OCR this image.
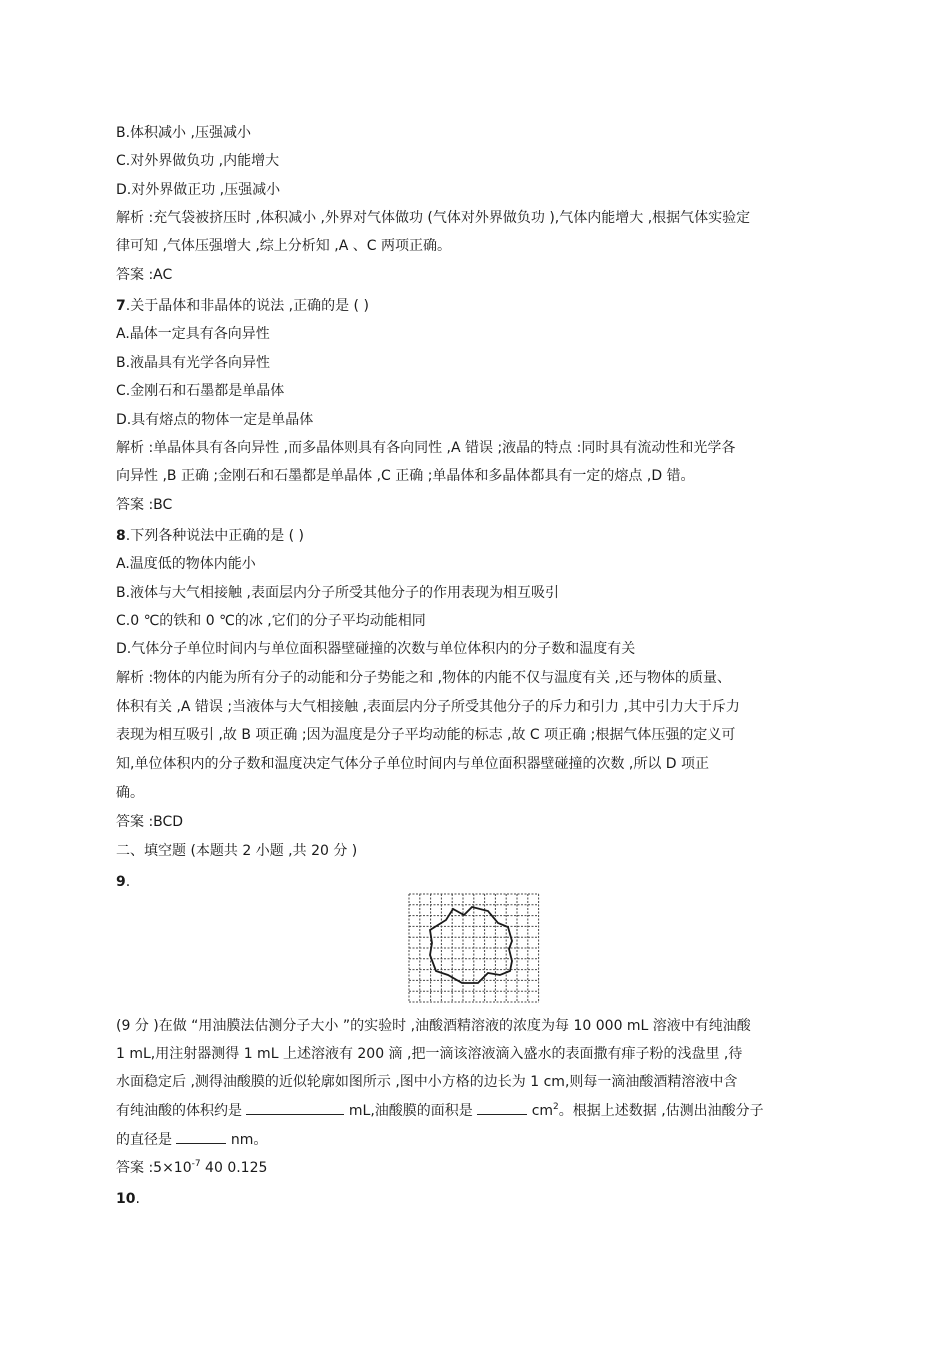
B.体积减小 ,压强减小
C.对外界做负功 ,内能增大
D.对外界做正功 ,压强减小
解析 :充气袋被挤压时 ,体积减小 ,外界对气体做功 (气体对外界做负功 ),气体内能增大 ,根据气体实验定
律可知 ,气体压强增大 ,综上分析知 ,A 、C 两项正确。
答案 :AC
7.关于晶体和非晶体的说法 ,正确的是 ( )
A.晶体一定具有各向异性
B.液晶具有光学各向异性
C.金刚石和石墨都是单晶体
D.具有熔点的物体一定是单晶体
解析 :单晶体具有各向异性 ,而多晶体则具有各向同性 ,A 错误 ;液晶的特点 :同时具有流动性和光学各
向异性 ,B 正确 ;金刚石和石墨都是单晶体 ,C 正确 ;单晶体和多晶体都具有一定的熔点 ,D 错。
答案 :BC
8.下列各种说法中正确的是 ( )
A.温度低的物体内能小
B.液体与大气相接触 ,表面层内分子所受其他分子的作用表现为相互吸引
C.0 ℃的铁和 0 ℃的冰 ,它们的分子平均动能相同
D.气体分子单位时间内与单位面积器壁碰撞的次数与单位体积内的分子数和温度有关
解析 :物体的内能为所有分子的动能和分子势能之和 ,物体的内能不仅与温度有关 ,还与物体的质量、
体积有关 ,A 错误 ;当液体与大气相接触 ,表面层内分子所受其他分子的斥力和引力 ,其中引力大于斥力
表现为相互吸引 ,故 B 项正确 ;因为温度是分子平均动能的标志 ,故 C 项正确 ;根据气体压强的定义可
知,单位体积内的分子数和温度决定气体分子单位时间内与单位面积器壁碰撞的次数 ,所以 D 项正
确。
答案 :BCD
二、填空题 (本题共 2 小题 ,共 20 分 )
9.
(9 分 )在做 “用油膜法估测分子大小 ”的实验时 ,油酸酒精溶液的浓度为每 10 000 mL 溶液中有纯油酸
1 mL,用注射器测得 1 mL 上述溶液有 200 滴 ,把一滴该溶液滴入盛水的表面撒有痱子粉的浅盘里 ,待
水面稳定后 ,测得油酸膜的近似轮廓如图所示 ,图中小方格的边长为 1 cm,则每一滴油酸酒精溶液中含
有纯油酸的体积约是	mL,油酸膜的面积是	$cm^2$。根据上述数据 ,估测出油酸分子
的直径是	nm。
答案 $:5\times 10^{-7}$ 40 0.125
10.
